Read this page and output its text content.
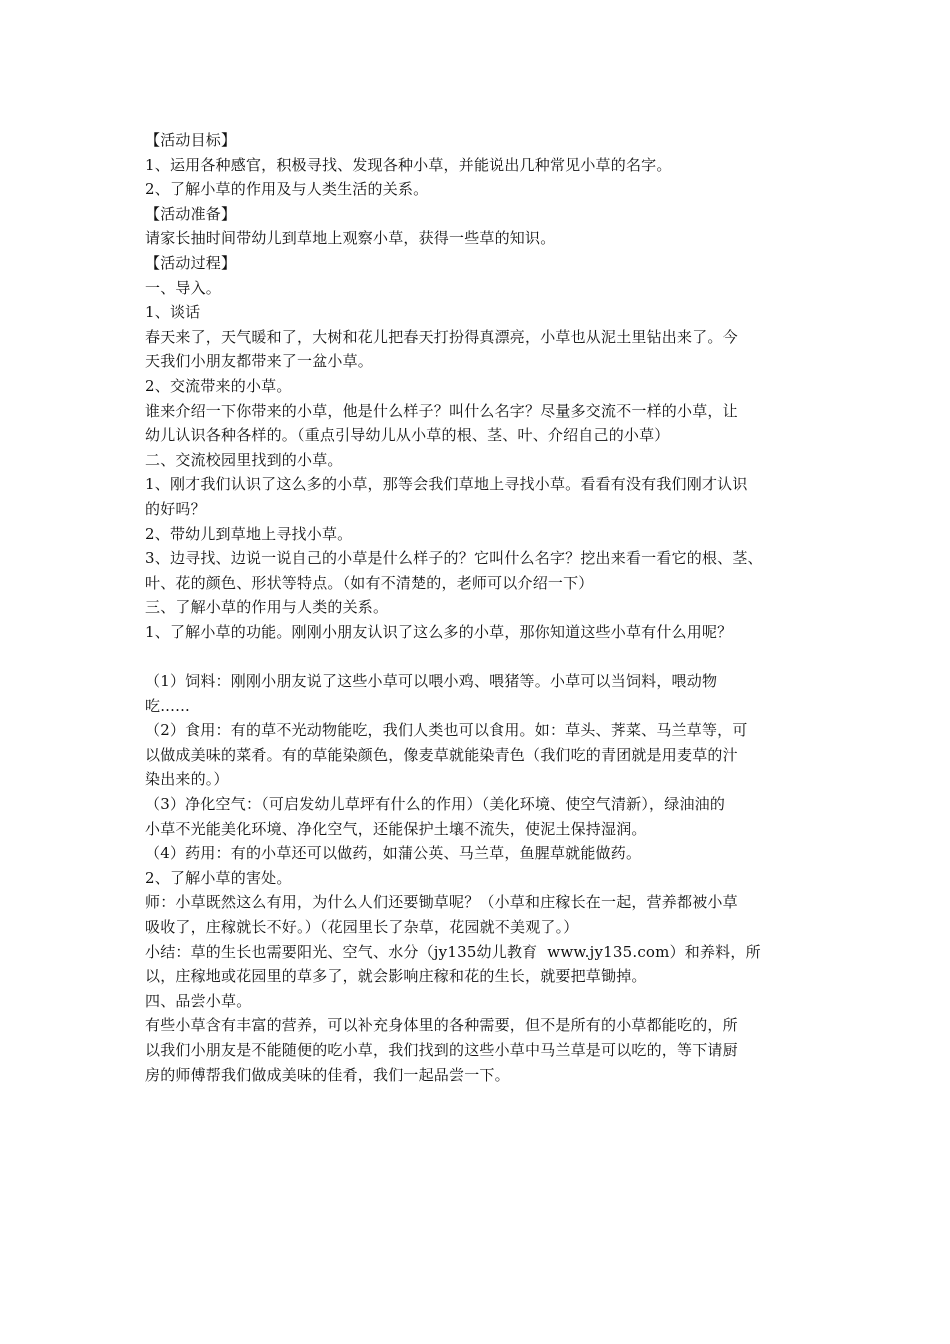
【活动目标】

1、运用各种感官，积极寻找、发现各种小草，并能说出几种常见小草的名字。

2、了解小草的作用及与人类生活的关系。

【活动准备】

请家长抽时间带幼儿到草地上观察小草，获得一些草的知识。

【活动过程】

一、导入。

1、谈话

春天来了，天气暖和了，大树和花儿把春天打扮得真漂亮，小草也从泥土里钻出来了。今

天我们小朋友都带来了一盆小草。

2、交流带来的小草。

谁来介绍一下你带来的小草，他是什么样子？叫什么名字？尽量多交流不一样的小草，让

幼儿认识各种各样的。（重点引导幼儿从小草的根、茎、叶、介绍自己的小草）

二、交流校园里找到的小草。

1、刚才我们认识了这么多的小草，那等会我们草地上寻找小草。看看有没有我们刚才认识

的好吗？

2、带幼儿到草地上寻找小草。

3、边寻找、边说一说自己的小草是什么样子的？它叫什么名字？挖出来看一看它的根、茎、

叶、花的颜色、形状等特点。（如有不清楚的，老师可以介绍一下）

三、了解小草的作用与人类的关系。

1、了解小草的功能。刚刚小朋友认识了这么多的小草，那你知道这些小草有什么用呢？

（1）饲料：刚刚小朋友说了这些小草可以喂小鸡、喂猪等。小草可以当饲料，喂动物

吃......

（2）食用：有的草不光动物能吃，我们人类也可以食用。如：草头、荠菜、马兰草等，可

以做成美味的菜肴。有的草能染颜色，像麦草就能染青色（我们吃的青团就是用麦草的汁

染出来的。）

（3）净化空气：（可启发幼儿草坪有什么的作用）（美化环境、使空气清新），绿油油的

小草不光能美化环境、净化空气，还能保护土壤不流失，使泥土保持湿润。

（4）药用：有的小草还可以做药，如蒲公英、马兰草，鱼腥草就能做药。

2、了解小草的害处。

师：小草既然这么有用，为什么人们还要锄草呢？（小草和庄稼长在一起，营养都被小草

吸收了，庄稼就长不好。）（花园里长了杂草，花园就不美观了。）

小结：草的生长也需要阳光、空气、水分（jy135幼儿教育  www.jy135.com）和养料，所

以，庄稼地或花园里的草多了，就会影响庄稼和花的生长，就要把草锄掉。

四、品尝小草。

有些小草含有丰富的营养，可以补充身体里的各种需要，但不是所有的小草都能吃的，所

以我们小朋友是不能随便的吃小草，我们找到的这些小草中马兰草是可以吃的，等下请厨

房的师傅帮我们做成美味的佳肴，我们一起品尝一下。
